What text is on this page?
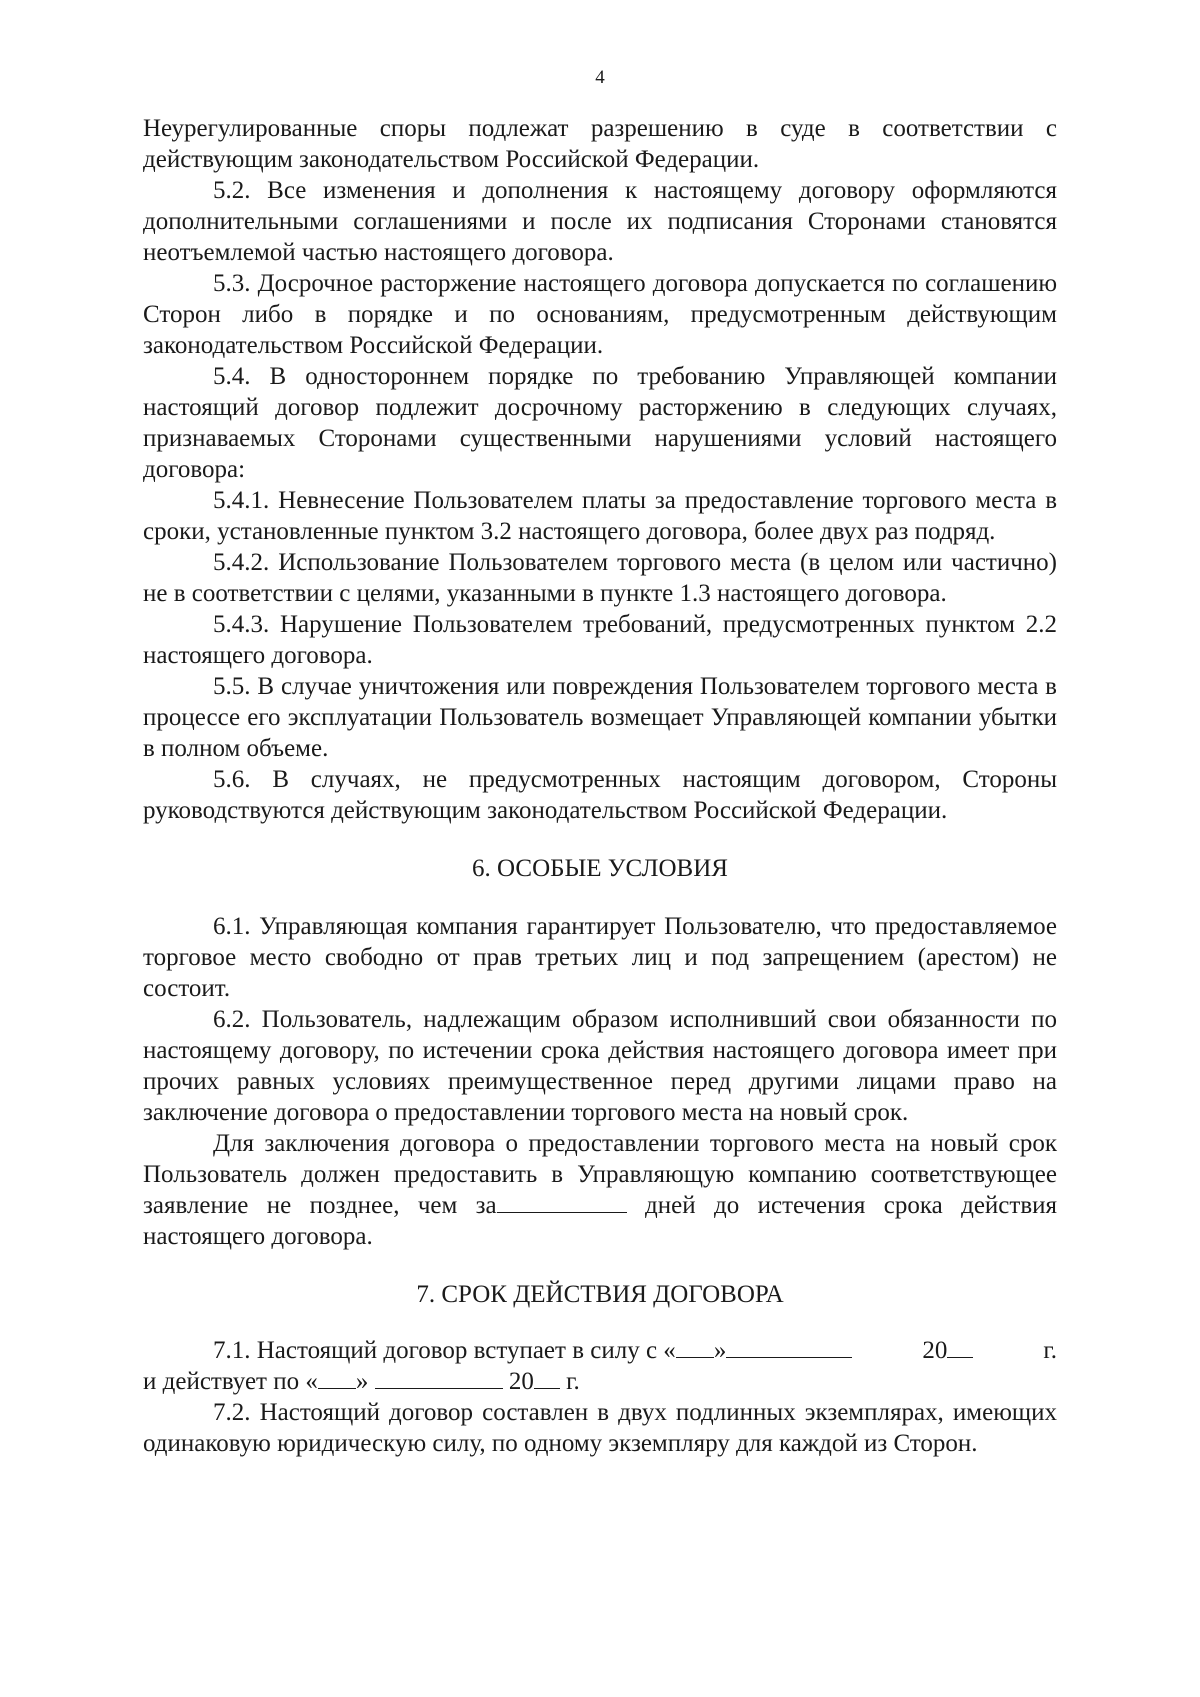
4

Неурегулированные споры подлежат разрешению в суде в соответствии с действующим законодательством Российской Федерации.

5.2. Все изменения и дополнения к настоящему договору оформляются дополнительными соглашениями и после их подписания Сторонами становятся неотъемлемой частью настоящего договора.

5.3. Досрочное расторжение настоящего договора допускается по соглашению Сторон либо в порядке и по основаниям, предусмотренным действующим законодательством Российской Федерации.

5.4. В одностороннем порядке по требованию Управляющей компании настоящий договор подлежит досрочному расторжению в следующих случаях, признаваемых Сторонами существенными нарушениями условий настоящего договора:

5.4.1. Невнесение Пользователем платы за предоставление торгового места в сроки, установленные пунктом 3.2 настоящего договора, более двух раз подряд.

5.4.2. Использование Пользователем торгового места (в целом или частично) не в соответствии с целями, указанными в пункте 1.3 настоящего договора.

5.4.3. Нарушение Пользователем требований, предусмотренных пунктом 2.2 настоящего договора.

5.5. В случае уничтожения или повреждения Пользователем торгового места в процессе его эксплуатации Пользователь возмещает Управляющей компании убытки в полном объеме.

5.6. В случаях, не предусмотренных настоящим договором, Стороны руководствуются действующим законодательством Российской Федерации.

6. ОСОБЫЕ УСЛОВИЯ

6.1. Управляющая компания гарантирует Пользователю, что предоставляемое торговое место свободно от прав третьих лиц и под запрещением (арестом) не состоит.

6.2. Пользователь, надлежащим образом исполнивший свои обязанности по настоящему договору, по истечении срока действия настоящего договора имеет при прочих равных условиях преимущественное перед другими лицами право на заключение договора о предоставлении торгового места на новый срок.

Для заключения договора о предоставлении торгового места на новый срок Пользователь должен предоставить в Управляющую компанию соответствующее заявление не позднее, чем за	дней до истечения срока действия настоящего договора.

7. СРОК ДЕЙСТВИЯ ДОГОВОРА

7.1. Настоящий договор вступает в силу с « »	20	г.

и действует по « »	20 г.

7.2. Настоящий договор составлен в двух подлинных экземплярах, имеющих одинаковую юридическую силу, по одному экземпляру для каждой из Сторон.
